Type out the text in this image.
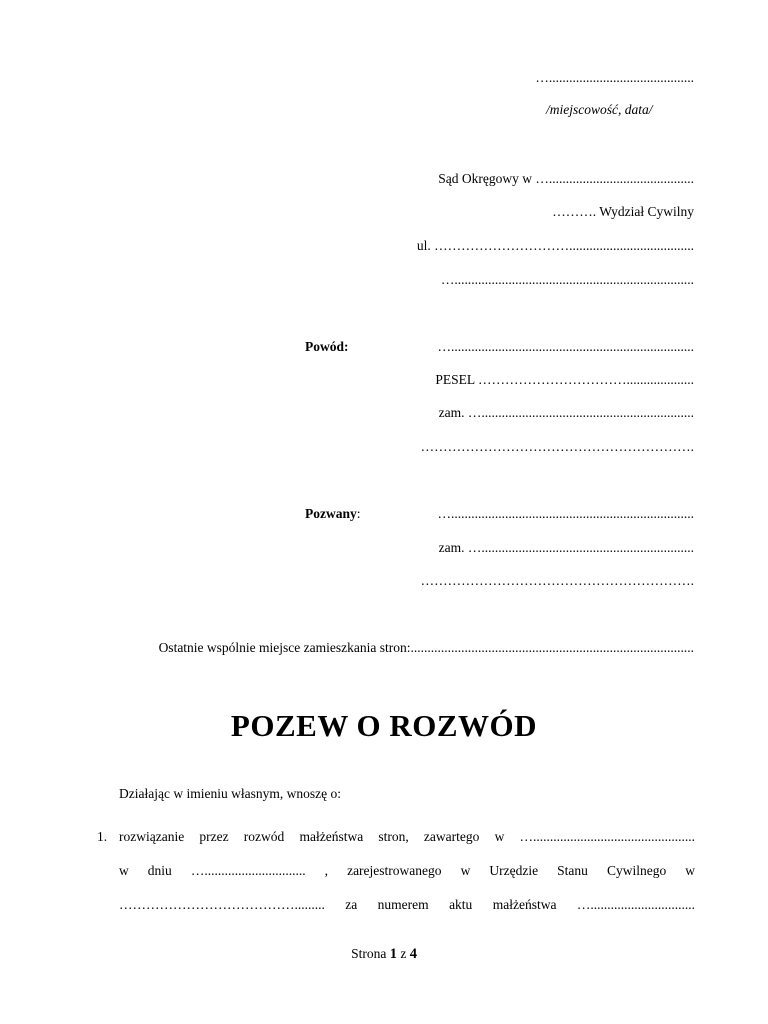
…...........................................
/miejscowość, data/
Sąd Okręgowy w …...........................................
………. Wydział Cywilny
ul. ………………………….....................................
….......................................................................
Powód:	…........................................................................
PESEL ……………………………....................
zam. …...............................................................
…………………………………………………….
Pozwany:	…........................................................................
zam. …...............................................................
…………………………………………………….
Ostatnie wspólnie miejsce zamieszkania stron:....................................................................................
POZEW O ROZWÓD
Działając w imieniu własnym, wnoszę o:
1. rozwiązanie przez rozwód małżeństwa stron, zawartego w …................................................
w dniu ….............................. , zarejestrowanego w Urzędzie Stanu Cywilnego w
…………………………………......... za numerem aktu małżeństwa …...............................
Strona 1 z 4
